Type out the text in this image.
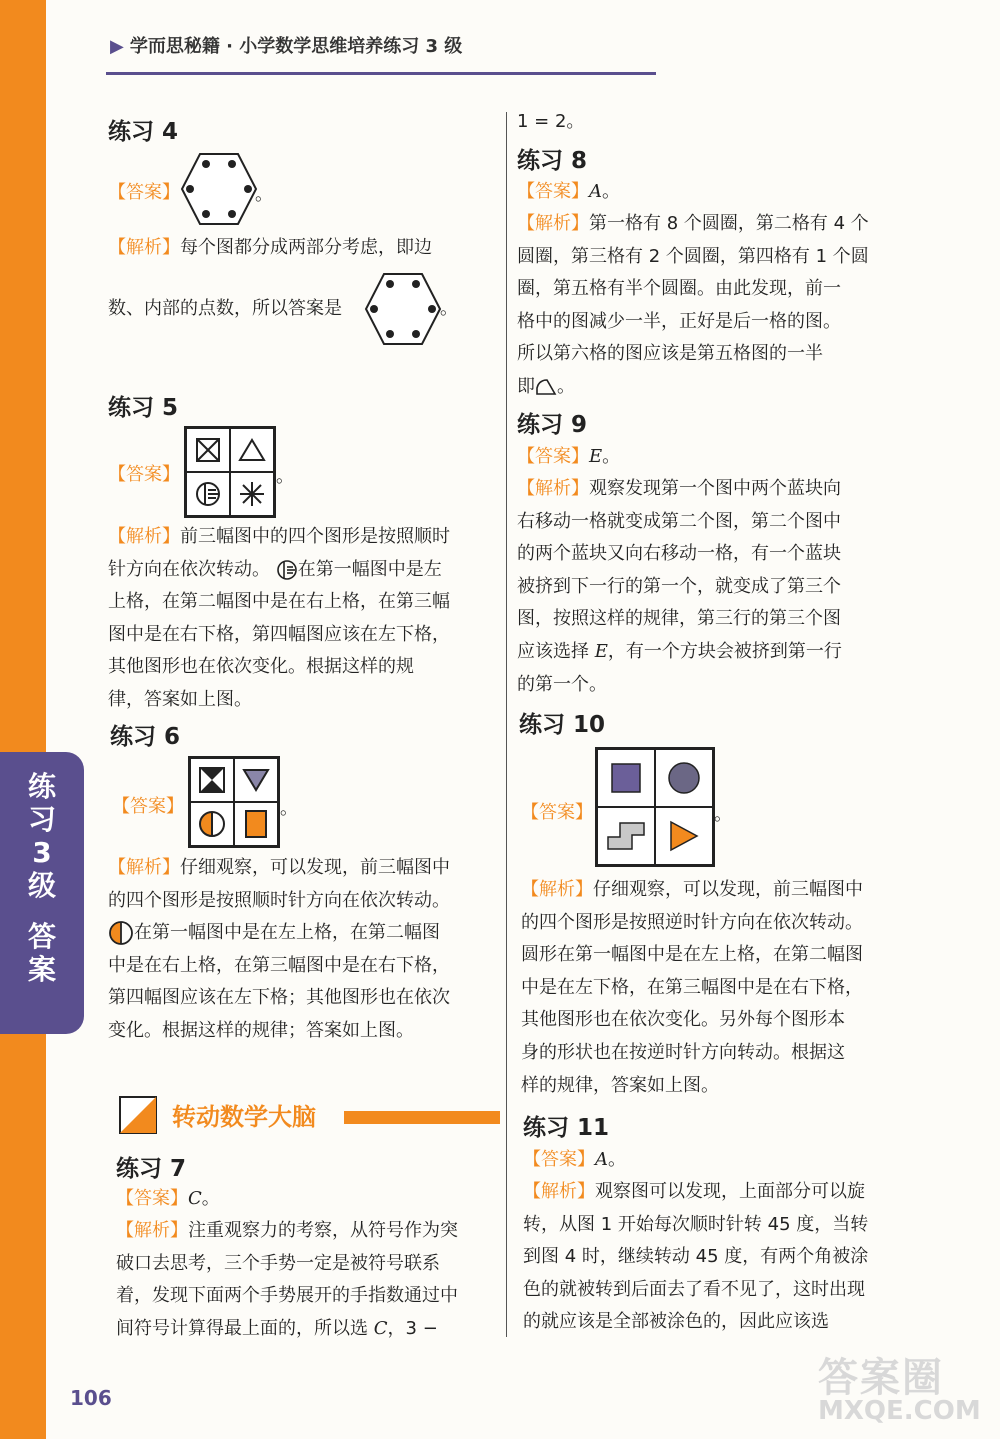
练
习
3
级
答
案
▶ 学而思秘籍 · 小学数学思维培养练习 3 级
练习 4
【答案】	。
【解析】每个图都分成两部分考虑，即边
数、内部的点数，所以答案是	。
练习 5
【答案】	。
【解析】前三幅图中的四个图形是按照顺时
针方向在依次转动。 在第一幅图中是左
上格，在第二幅图中是在右上格，在第三幅
图中是在右下格，第四幅图应该在左下格，
其他图形也在依次变化。根据这样的规
律，答案如上图。
练习 6
【答案】	。
【解析】仔细观察，可以发现，前三幅图中
的四个图形是按照顺时针方向在依次转动。
在第一幅图中是在左上格，在第二幅图
中是在右上格，在第三幅图中是在右下格，
第四幅图应该在左下格；其他图形也在依次
变化。根据这样的规律；答案如上图。
转动数学大脑
练习 7
【答案】C。
【解析】注重观察力的考察，从符号作为突
破口去思考，三个手势一定是被符号联系
着，发现下面两个手势展开的手指数通过中
间符号计算得最上面的，所以选 C，3 −
1 = 2。
练习 8
【答案】A。
【解析】第一格有 8 个圆圈，第二格有 4 个
圆圈，第三格有 2 个圆圈，第四格有 1 个圆
圈，第五格有半个圆圈。由此发现，前一
格中的图减少一半，正好是后一格的图。
所以第六格的图应该是第五格图的一半
即 。
练习 9
【答案】E。
【解析】观察发现第一个图中两个蓝块向
右移动一格就变成第二个图，第二个图中
的两个蓝块又向右移动一格，有一个蓝块
被挤到下一行的第一个，就变成了第三个
图，按照这样的规律，第三行的第三个图
应该选择 E，有一个方块会被挤到第一行
的第一个。
练习 10
【答案】	。
【解析】仔细观察，可以发现，前三幅图中
的四个图形是按照逆时针方向在依次转动。
圆形在第一幅图中是在左上格，在第二幅图
中是在左下格，在第三幅图中是在右下格，
其他图形也在依次变化。另外每个图形本
身的形状也在按逆时针方向转动。根据这
样的规律，答案如上图。
练习 11
【答案】A。
【解析】观察图可以发现，上面部分可以旋
转，从图 1 开始每次顺时针转 45 度，当转
到图 4 时，继续转动 45 度，有两个角被涂
色的就被转到后面去了看不见了，这时出现
的就应该是全部被涂色的，因此应该选
106	答案圈
MXQE.COM
